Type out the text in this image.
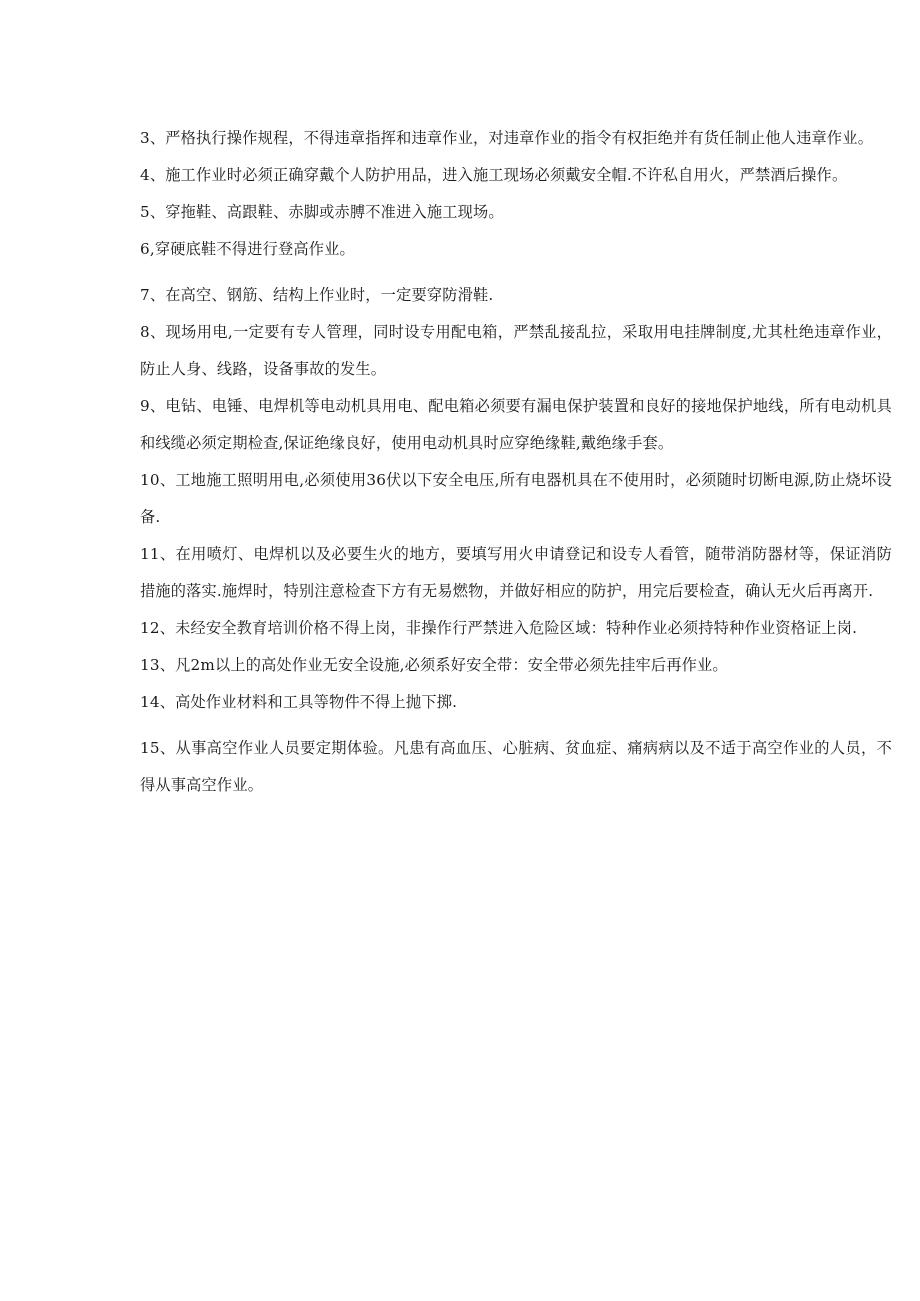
3、严格执行操作规程，不得违章指挥和违章作业，对违章作业的指令有权拒绝并有货任制止他人违章作业。

4、施工作业时必须正确穿戴个人防护用品，进入施工现场必须戴安全帽.不许私自用火，严禁酒后操作。

5、穿拖鞋、高跟鞋、赤脚或赤膊不准进入施工现场。

6,穿硬底鞋不得进行登高作业。

7、在高空、钢筋、结构上作业时，一定要穿防滑鞋.

8、现场用电,一定要有专人管理，同时设专用配电箱，严禁乱接乱拉，采取用电挂牌制度,尤其杜绝违章作业，防止人身、线路，设备事故的发生。

9、电钻、电锤、电焊机等电动机具用电、配电箱必须要有漏电保护装置和良好的接地保护地线，所有电动机具和线缆必须定期检查,保证绝缘良好，使用电动机具时应穿绝缘鞋,戴绝缘手套。

10、工地施工照明用电,必须使用36伏以下安全电压,所有电器机具在不使用时，必须随时切断电源,防止烧坏设备.

11、在用喷灯、电焊机以及必要生火的地方，要填写用火申请登记和设专人看管，随带消防器材等，保证消防措施的落实.施焊时，特别注意检查下方有无易燃物，并做好相应的防护，用完后要检查，确认无火后再离开.

12、未经安全教育培训价格不得上岗，非操作行严禁进入危险区域：特种作业必须持特种作业资格证上岗.

13、凡2m以上的高处作业无安全设施,必须系好安全带：安全带必须先挂牢后再作业。

14、高处作业材料和工具等物件不得上抛下掷.

15、从事高空作业人员要定期体验。凡患有高血压、心脏病、贫血症、痛病病以及不适于高空作业的人员，不得从事高空作业。
